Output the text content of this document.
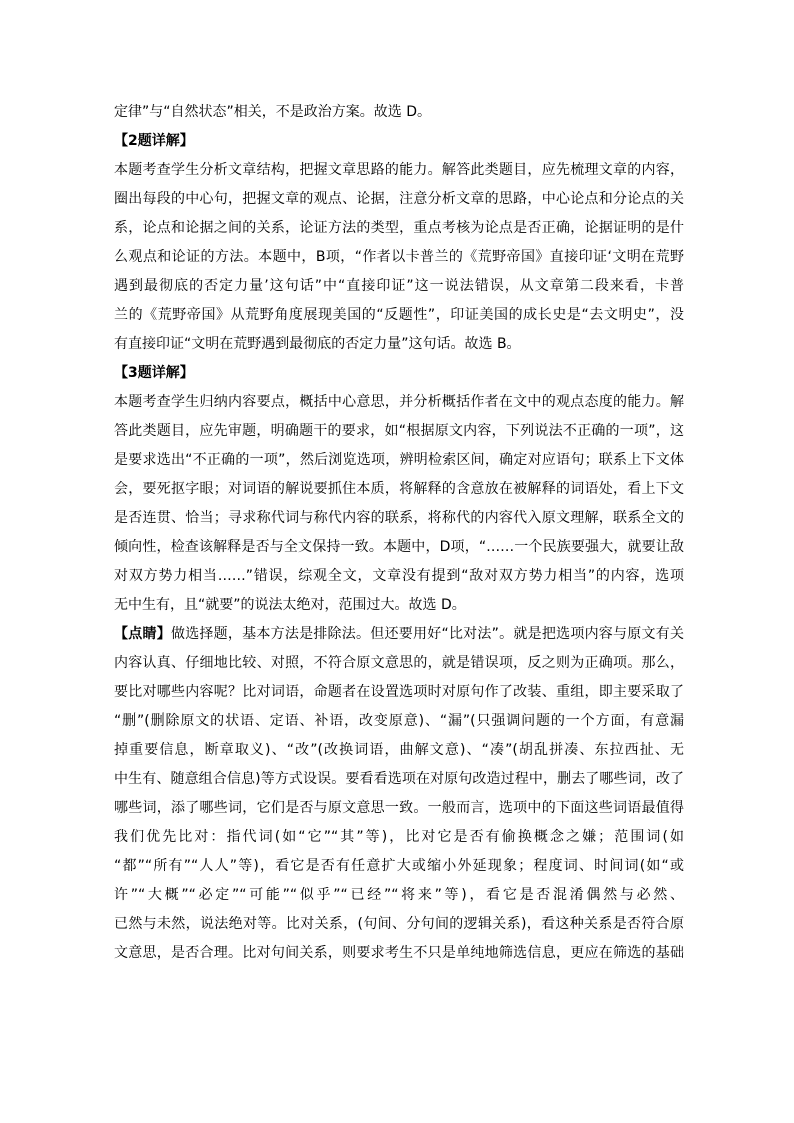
定律”与“自然状态”相关，不是政治方案。故选 D。
【2题详解】
本题考查学生分析文章结构，把握文章思路的能力。解答此类题目，应先梳理文章的内容，
圈出每段的中心句，把握文章的观点、论据，注意分析文章的思路，中心论点和分论点的关
系，论点和论据之间的关系，论证方法的类型，重点考核为论点是否正确，论据证明的是什
么观点和论证的方法。本题中，B项，“作者以卡普兰的《荒野帝国》直接印证‘文明在荒野
遇到最彻底的否定力量’这句话”中“直接印证”这一说法错误，从文章第二段来看，卡普
兰的《荒野帝国》从荒野角度展现美国的“反题性”，印证美国的成长史是“去文明史”，没
有直接印证“文明在荒野遇到最彻底的否定力量”这句话。故选 B。
【3题详解】
本题考查学生归纳内容要点，概括中心意思，并分析概括作者在文中的观点态度的能力。解
答此类题目，应先审题，明确题干的要求，如“根据原文内容，下列说法不正确的一项”，这
是要求选出“不正确的一项”，然后浏览选项，辨明检索区间，确定对应语句；联系上下文体
会，要死抠字眼；对词语的解说要抓住本质，将解释的含意放在被解释的词语处，看上下文
是否连贯、恰当；寻求称代词与称代内容的联系，将称代的内容代入原文理解，联系全文的
倾向性，检查该解释是否与全文保持一致。本题中，D项，“……一个民族要强大，就要让敌
对双方势力相当……”错误，综观全文，文章没有提到“敌对双方势力相当”的内容，选项
无中生有，且“就要”的说法太绝对，范围过大。故选 D。
【点睛】做选择题，基本方法是排除法。但还要用好“比对法”。就是把选项内容与原文有关
内容认真、仔细地比较、对照，不符合原文意思的，就是错误项，反之则为正确项。那么，
要比对哪些内容呢？比对词语，命题者在设置选项时对原句作了改装、重组，即主要采取了
“删”(删除原文的状语、定语、补语，改变原意)、“漏”(只强调问题的一个方面，有意漏
掉重要信息，断章取义)、“改”(改换词语，曲解文意)、“凑”(胡乱拼凑、东拉西扯、无
中生有、随意组合信息)等方式设误。要看看选项在对原句改造过程中，删去了哪些词，改了
哪些词，添了哪些词，它们是否与原文意思一致。一般而言，选项中的下面这些词语最值得
我们优先比对：指代词(如“它”“其”等)，比对它是否有偷换概念之嫌；范围词(如
“都”“所有”“人人”等)，看它是否有任意扩大或缩小外延现象；程度词、时间词(如“或
许”“大概”“必定”“可能”“似乎”“已经”“将来”等)，看它是否混淆偶然与必然、
已然与未然，说法绝对等。比对关系，(句间、分句间的逻辑关系)，看这种关系是否符合原
文意思，是否合理。比对句间关系，则要求考生不只是单纯地筛选信息，更应在筛选的基础
